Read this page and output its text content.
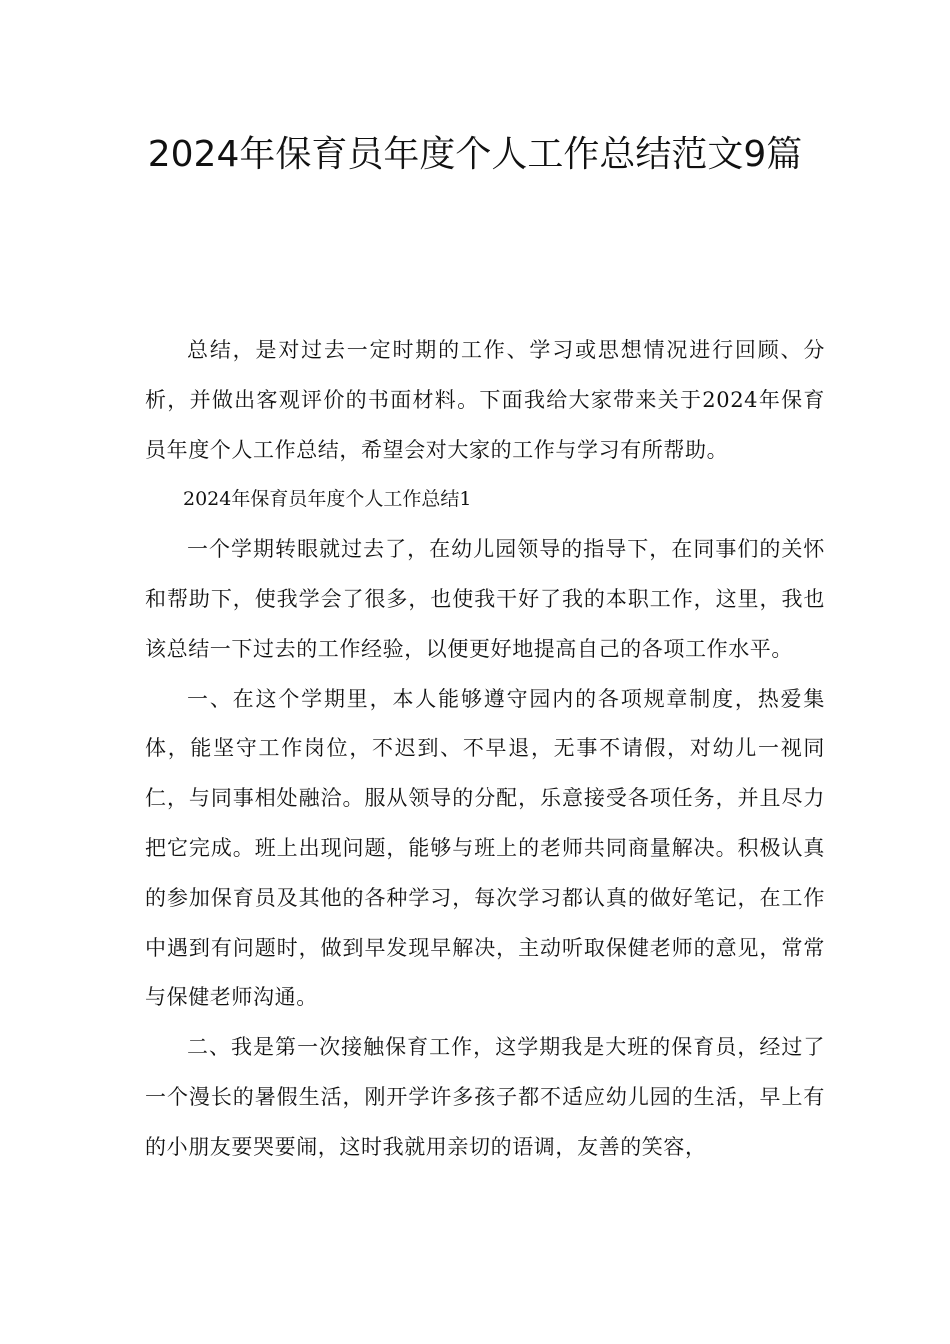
2024年保育员年度个人工作总结范文9篇

总结，是对过去一定时期的工作、学习或思想情况进行回顾、分析，并做出客观评价的书面材料。下面我给大家带来关于2024年保育员年度个人工作总结，希望会对大家的工作与学习有所帮助。

2024年保育员年度个人工作总结1

一个学期转眼就过去了，在幼儿园领导的指导下，在同事们的关怀和帮助下，使我学会了很多，也使我干好了我的本职工作，这里，我也该总结一下过去的工作经验，以便更好地提高自己的各项工作水平。

一、在这个学期里，本人能够遵守园内的各项规章制度，热爱集体，能坚守工作岗位，不迟到、不早退，无事不请假，对幼儿一视同仁，与同事相处融洽。服从领导的分配，乐意接受各项任务，并且尽力把它完成。班上出现问题，能够与班上的老师共同商量解决。积极认真的参加保育员及其他的各种学习，每次学习都认真的做好笔记，在工作中遇到有问题时，做到早发现早解决，主动听取保健老师的意见，常常与保健老师沟通。

二、我是第一次接触保育工作，这学期我是大班的保育员，经过了一个漫长的暑假生活，刚开学许多孩子都不适应幼儿园的生活，早上有的小朋友要哭要闹，这时我就用亲切的语调，友善的笑容，
